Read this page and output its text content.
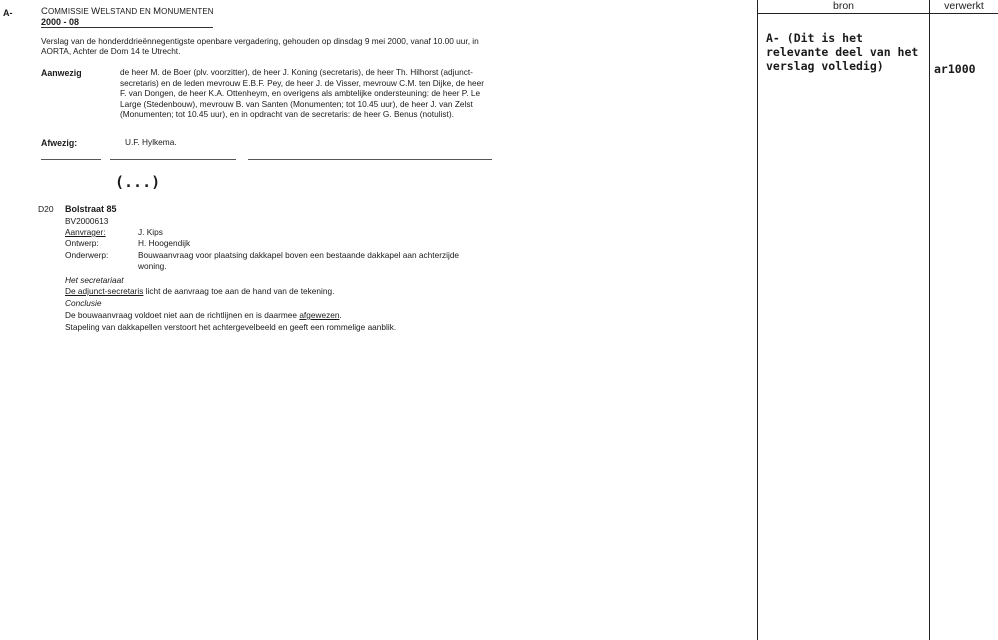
A-	COMMISSIE WELSTAND EN MONUMENTEN
2000 - 08
Verslag van de honderddrieënnegentigste openbare vergadering, gehouden op dinsdag 9 mei 2000, vanaf 10.00 uur, in AORTA, Achter de Dom 14 te Utrecht.
Aanwezig	de heer M. de Boer (plv. voorzitter), de heer J. Koning (secretaris), de heer Th. Hilhorst (adjunct-secretaris) en de leden mevrouw E.B.F. Pey, de heer J. de Visser, mevrouw C.M. ten Dijke, de heer F. van Dongen, de heer K.A. Ottenheym, en overigens als ambtelijke ondersteuning: de heer P. Le Large (Stedenbouw), mevrouw B. van Santen (Monumenten; tot 10.45 uur), de heer J. van Zelst (Monumenten; tot 10.45 uur), en in opdracht van de secretaris: de heer G. Benus (notulist).
Afwezig:	U.F. Hylkema.
(...)
D20 Bolstraat 85
BV2000613
Aanvrager:	J. Kips
Ontwerp:	H. Hoogendijk
Onderwerp:	Bouwaanvraag voor plaatsing dakkapel boven een bestaande dakkapel aan achterzijde woning.
Het secretariaat
De adjunct-secretaris licht de aanvraag toe aan de hand van de tekening.
Conclusie
De bouwaanvraag voldoet niet aan de richtlijnen en is daarmee afgewezen.
Stapeling van dakkapellen verstoort het achtergevelbeeld en geeft een rommelige aanblik.
bron	verwerkt
A- (Dit is het relevante deel van het verslag volledig)	ar1000
